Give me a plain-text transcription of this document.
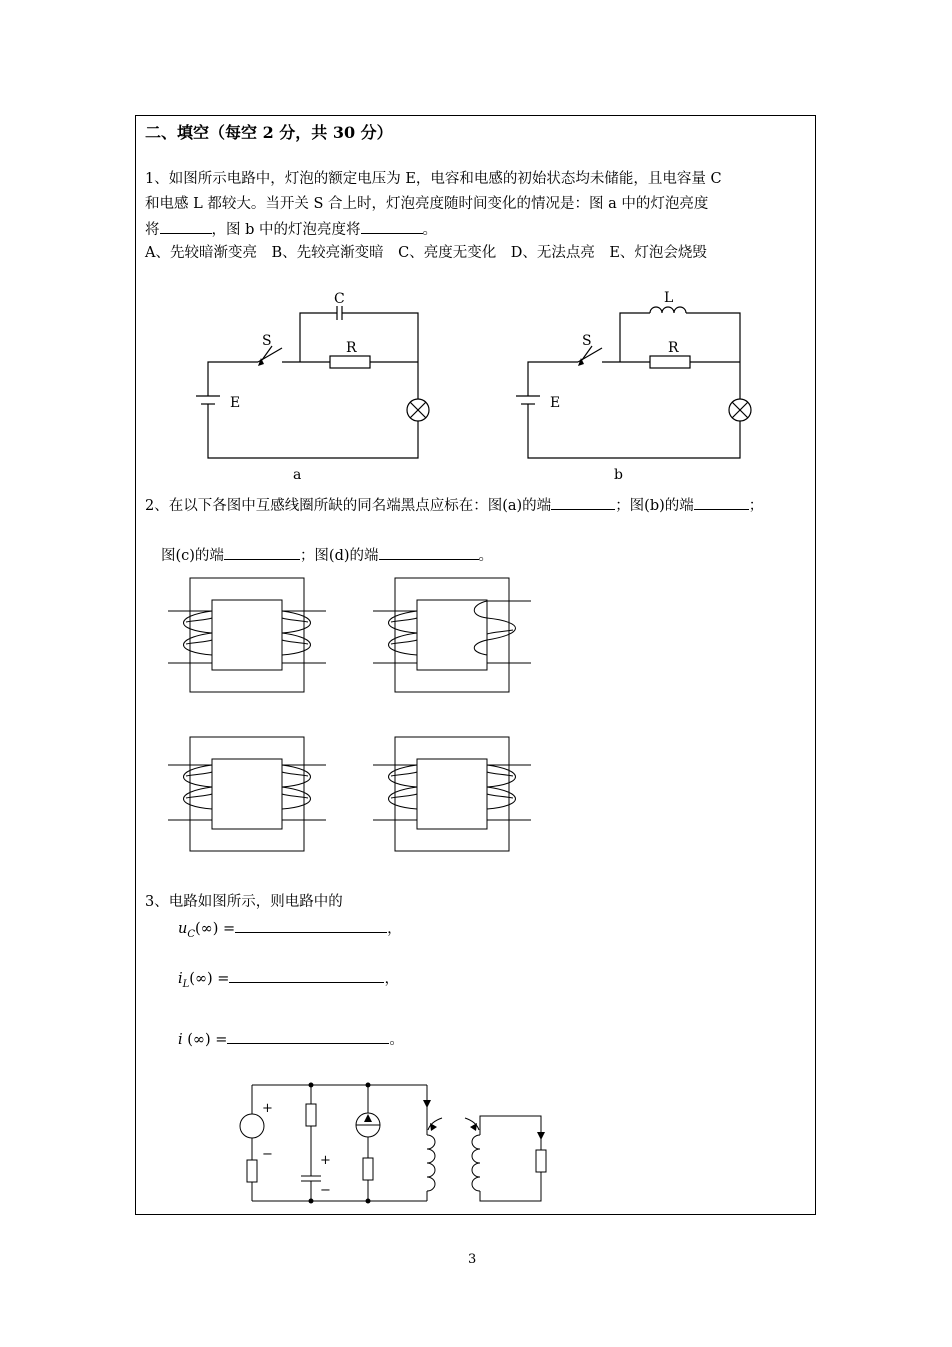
二、填空（每空 2 分，共 30 分）
1、如图所示电路中，灯泡的额定电压为 E，电容和电感的初始状态均未储能，且电容量 C
和电感 L 都较大。当开关 S 合上时，灯泡亮度随时间变化的情况是：图 a 中的灯泡亮度
将	，图 b 中的灯泡亮度将	。
A、先较暗渐变亮　B、先较亮渐变暗　C、亮度无变化　D、无法点亮　E、灯泡会烧毁
C
S	R
E
a
L
S	R
E
b
2、在以下各图中互感线圈所缺的同名端黑点应标在：图(a)的端	；图(b)的端	；
图(c)的端	；图(d)的端	。
3、电路如图所示，则电路中的
$u_C(\infty)$ =	，
$i_L(\infty)$ =	，
i (∞) =	。
+
−	+
−
3
